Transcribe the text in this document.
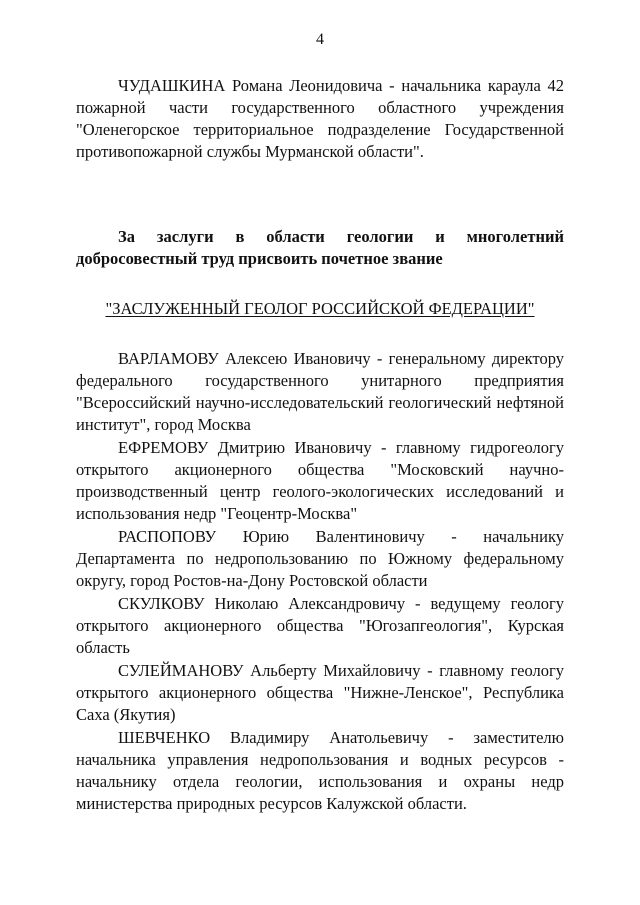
4

ЧУДАШКИНА Романа Леонидовича - начальника караула 42 пожарной части государственного областного учреждения "Оленегорское территориальное подразделение Государственной противопожарной службы Мурманской области".

За заслуги в области геологии и многолетний добросовестный труд присвоить почетное звание

"ЗАСЛУЖЕННЫЙ ГЕОЛОГ РОССИЙСКОЙ ФЕДЕРАЦИИ"

ВАРЛАМОВУ Алексею Ивановичу - генеральному директору федерального государственного унитарного предприятия "Всероссийский научно-исследовательский геологический нефтяной институт", город Москва

ЕФРЕМОВУ Дмитрию Ивановичу - главному гидрогеологу открытого акционерного общества "Московский научно-производственный центр геолого-экологических исследований и использования недр "Геоцентр-Москва"

РАСПОПОВУ Юрию Валентиновичу - начальнику Департамента по недропользованию по Южному федеральному округу, город Ростов-на-Дону Ростовской области

СКУЛКОВУ Николаю Александровичу - ведущему геологу открытого акционерного общества "Югозапгеология", Курская область

СУЛЕЙМАНОВУ Альберту Михайловичу - главному геологу открытого акционерного общества "Нижне-Ленское", Республика Саха (Якутия)

ШЕВЧЕНКО Владимиру Анатольевичу - заместителю начальника управления недропользования и водных ресурсов - начальнику отдела геологии, использования и охраны недр министерства природных ресурсов Калужской области.
